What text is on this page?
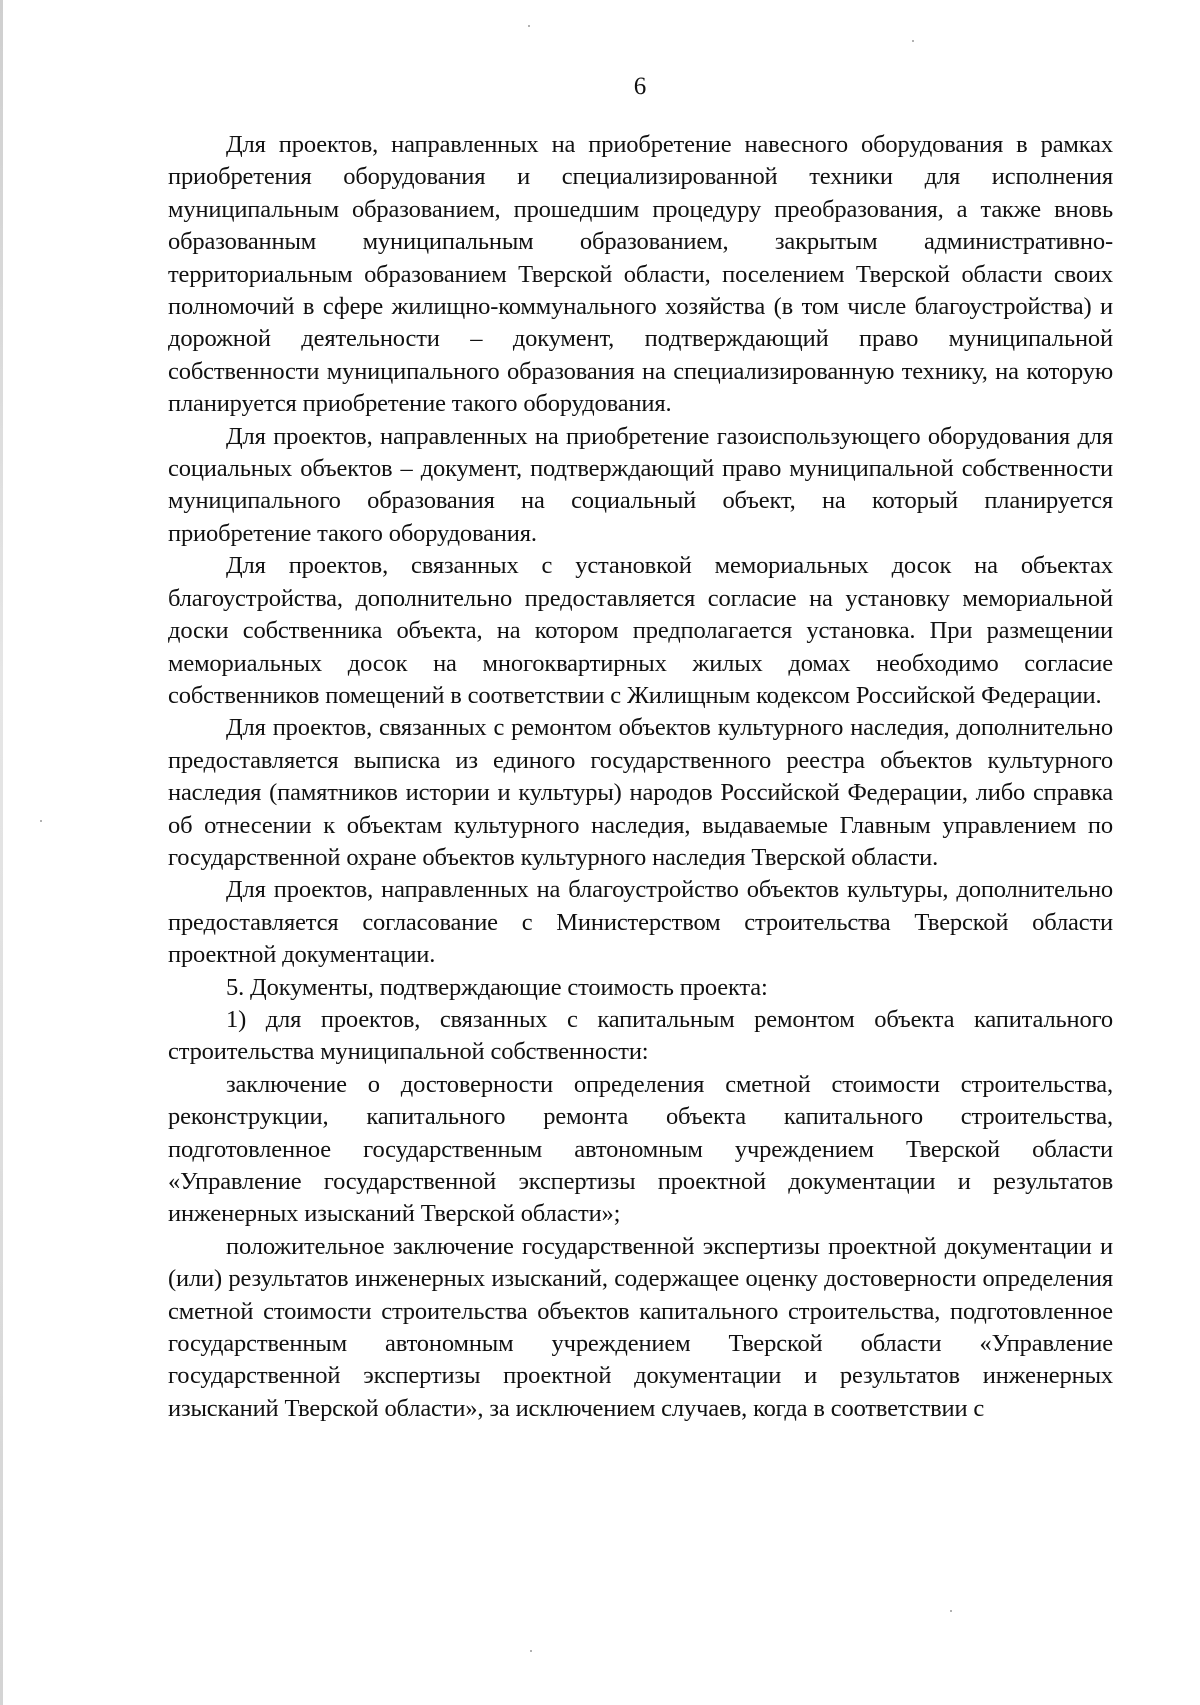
6

Для проектов, направленных на приобретение навесного оборудования в рамках приобретения оборудования и специализированной техники для исполнения муниципальным образованием, прошедшим процедуру преобразования, а также вновь образованным муниципальным образованием, закрытым административно-территориальным образованием Тверской области, поселением Тверской области своих полномочий в сфере жилищно-коммунального хозяйства (в том числе благоустройства) и дорожной деятельности – документ, подтверждающий право муниципальной собственности муниципального образования на специализированную технику, на которую планируется приобретение такого оборудования.

Для проектов, направленных на приобретение газоиспользующего оборудования для социальных объектов – документ, подтверждающий право муниципальной собственности муниципального образования на социальный объект, на который планируется приобретение такого оборудования.

Для проектов, связанных с установкой мемориальных досок на объектах благоустройства, дополнительно предоставляется согласие на установку мемориальной доски собственника объекта, на котором предполагается установка. При размещении мемориальных досок на многоквартирных жилых домах необходимо согласие собственников помещений в соответствии с Жилищным кодексом Российской Федерации.

Для проектов, связанных с ремонтом объектов культурного наследия, дополнительно предоставляется выписка из единого государственного реестра объектов культурного наследия (памятников истории и культуры) народов Российской Федерации, либо справка об отнесении к объектам культурного наследия, выдаваемые Главным управлением по государственной охране объектов культурного наследия Тверской области.

Для проектов, направленных на благоустройство объектов культуры, дополнительно предоставляется согласование с Министерством строительства Тверской области проектной документации.

5. Документы, подтверждающие стоимость проекта:

1) для проектов, связанных с капитальным ремонтом объекта капитального строительства муниципальной собственности:

заключение о достоверности определения сметной стоимости строительства, реконструкции, капитального ремонта объекта капитального строительства, подготовленное государственным автономным учреждением Тверской области «Управление государственной экспертизы проектной документации и результатов инженерных изысканий Тверской области»;

положительное заключение государственной экспертизы проектной документации и (или) результатов инженерных изысканий, содержащее оценку достоверности определения сметной стоимости строительства объектов капитального строительства, подготовленное государственным автономным учреждением Тверской области «Управление государственной экспертизы проектной документации и результатов инженерных изысканий Тверской области», за исключением случаев, когда в соответствии с
